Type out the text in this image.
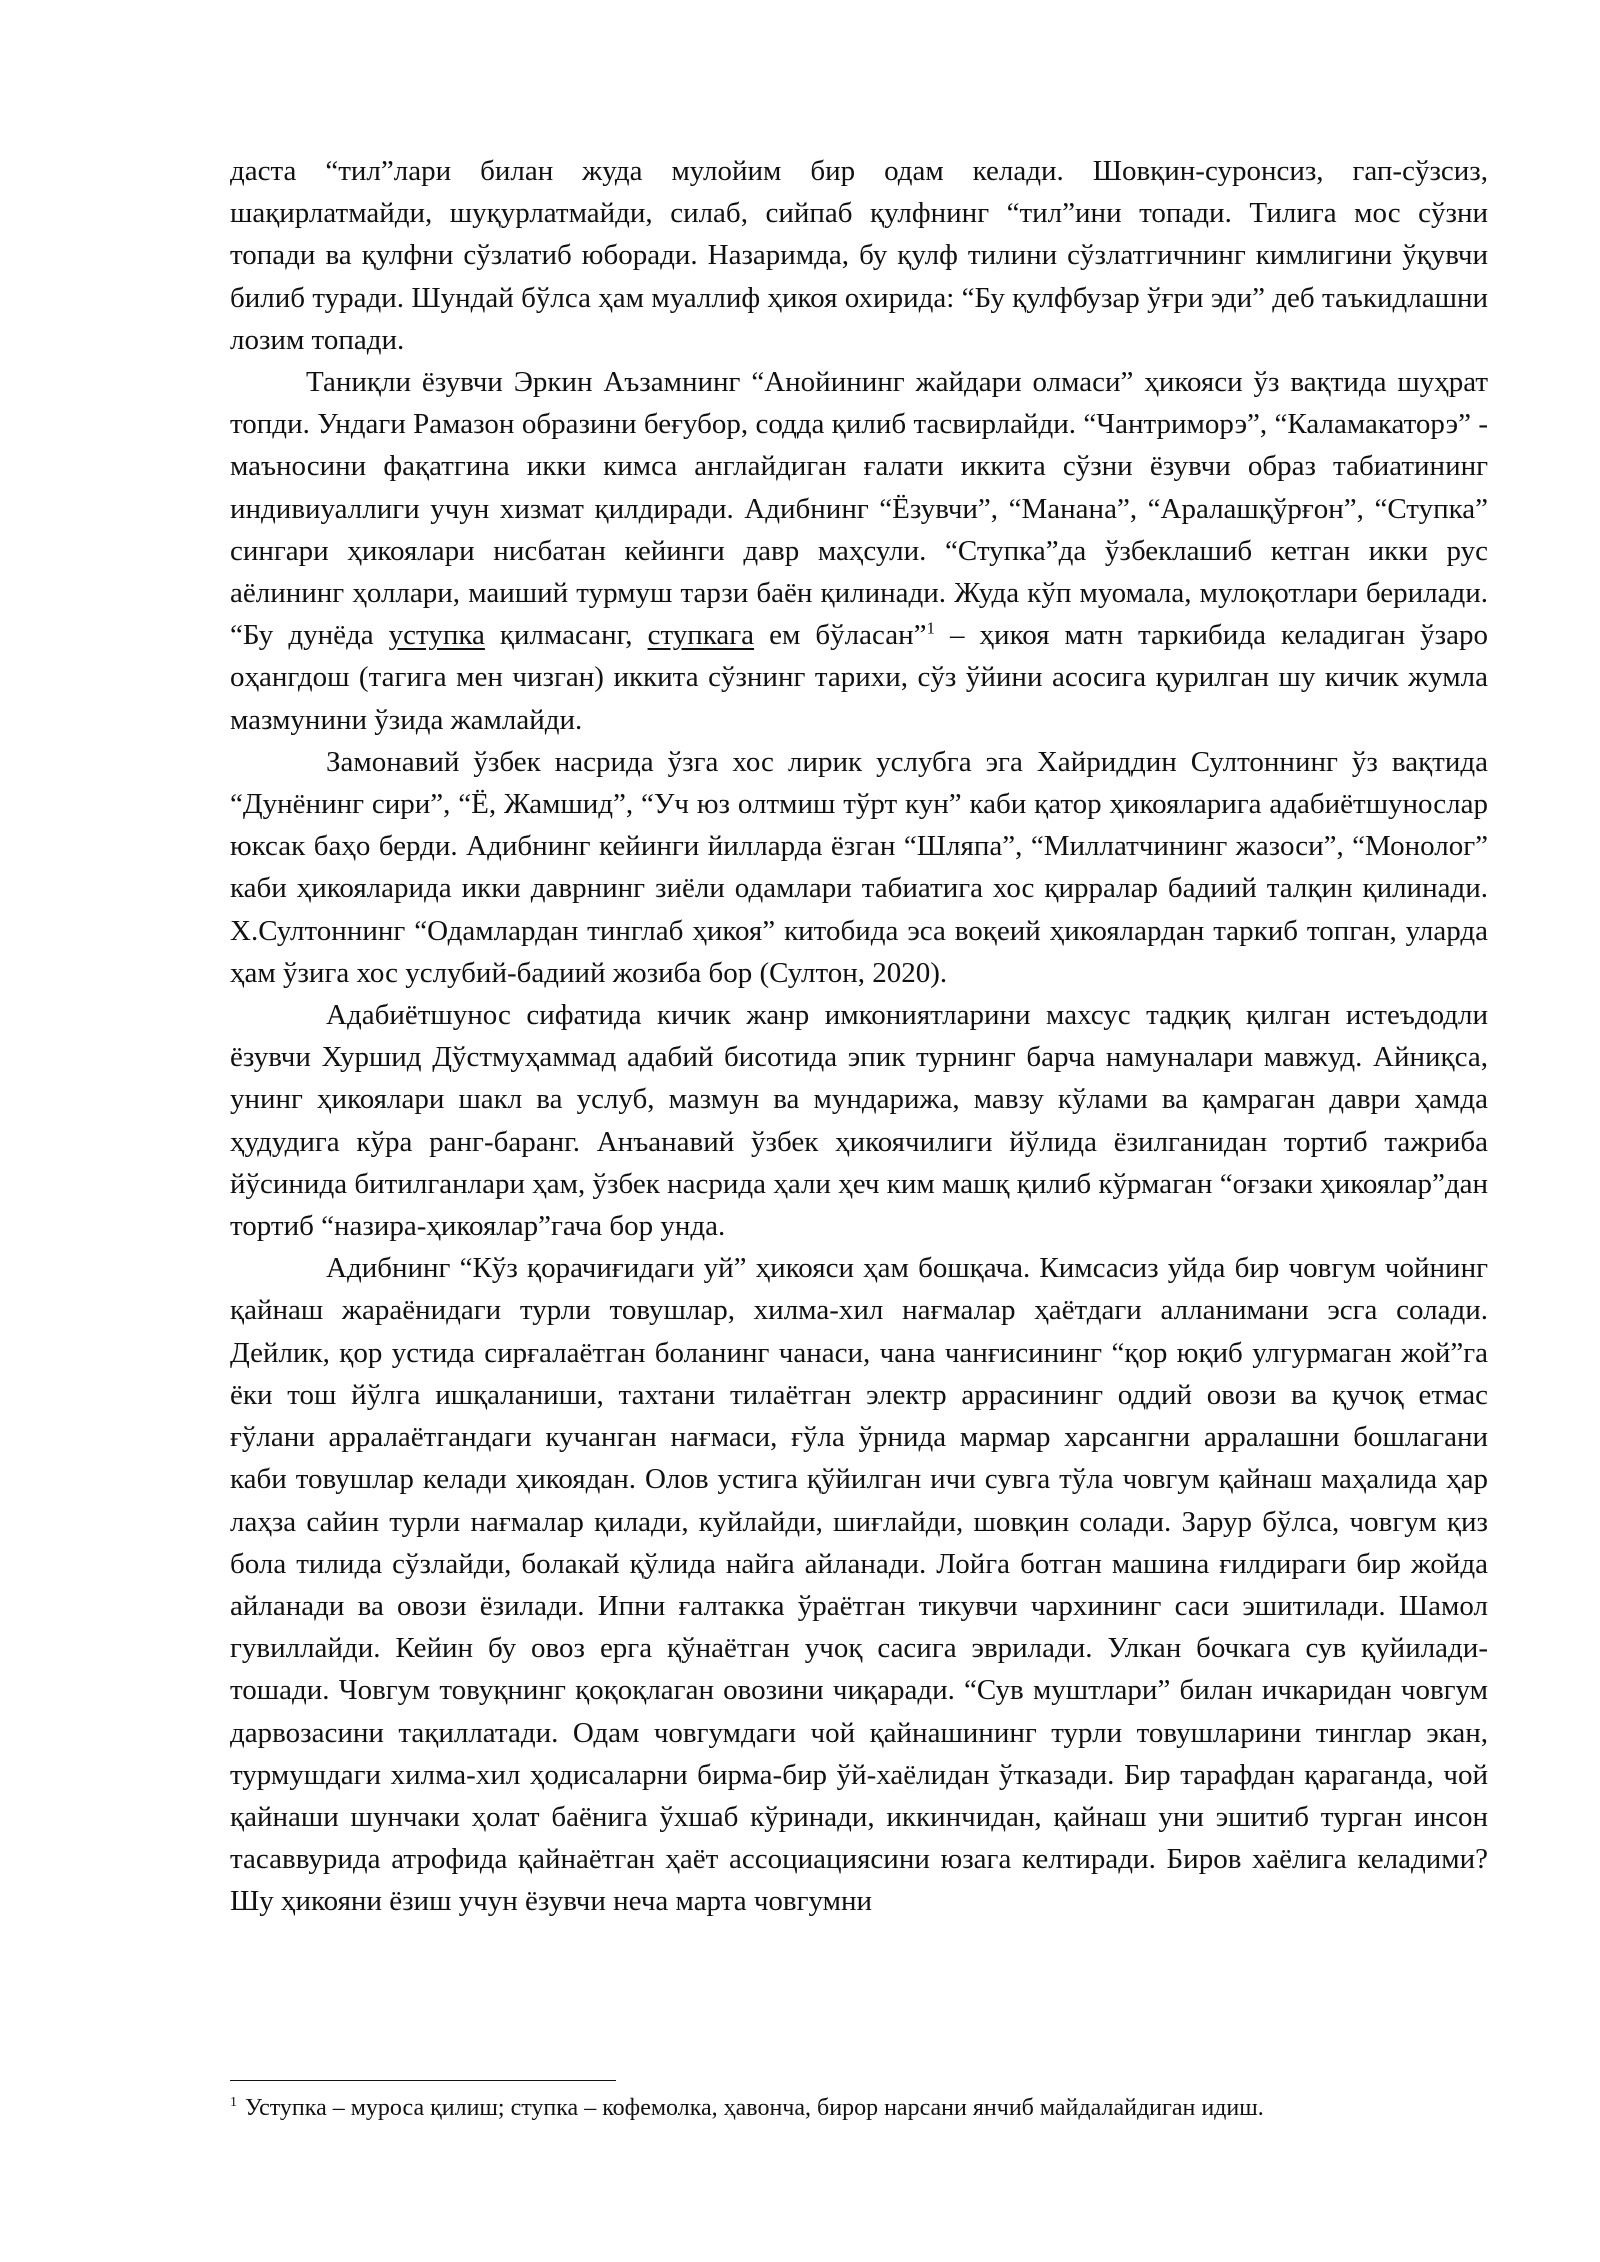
даста “тил”лари билан жуда мулойим бир одам келади. Шовқин-суронсиз, гап-сўзсиз, шақирлатмайди, шуқурлатмайди, силаб, сийпаб қулфнинг “тил”ини топади. Тилига мос сўзни топади ва қулфни сўзлатиб юборади. Назаримда, бу қулф тилини сўзлатгичнинг кимлигини ўқувчи билиб туради. Шундай бўлса ҳам муаллиф ҳикоя охирида: “Бу қулфбузар ўғри эди” деб таъкидлашни лозим топади.

Таниқли ёзувчи Эркин Аъзамнинг “Анойининг жайдари олмаси” ҳикояси ўз вақтида шуҳрат топди. Ундаги Рамазон образини беғубор, содда қилиб тасвирлайди. “Чантриморэ”, “Каламакаторэ” - маъносини фақатгина икки кимса англайдиган ғалати иккита сўзни ёзувчи образ табиатининг индивиуаллиги учун хизмат қилдиради. Адибнинг “Ёзувчи”, “Манана”, “Аралашқўрғон”, “Ступка” сингари ҳикоялари нисбатан кейинги давр маҳсули. “Ступка”да ўзбеклашиб кетган икки рус аёлининг ҳоллари, маиший турмуш тарзи баён қилинади. Жуда кўп муомала, мулоқотлари берилади. “Бу дунёда уступка қилмасанг, ступкага ем бўласан”$^1$ – ҳикоя матн таркибида келадиган ўзаро оҳангдош (тагига мен чизган) иккита сўзнинг тарихи, сўз ўйини асосига қурилган шу кичик жумла мазмунини ўзида жамлайди.

Замонавий ўзбек насрида ўзга хос лирик услубга эга Хайриддин Султоннинг ўз вақтида “Дунёнинг сири”, “Ё, Жамшид”, “Уч юз олтмиш тўрт кун” каби қатор ҳикояларига адабиётшунослар юксак баҳо берди. Адибнинг кейинги йилларда ёзган “Шляпа”, “Миллатчининг жазоси”, “Монолог” каби ҳикояларида икки даврнинг зиёли одамлари табиатига хос қирралар бадиий талқин қилинади. Х.Султоннинг “Одамлардан тинглаб ҳикоя” китобида эса воқеий ҳикоялардан таркиб топган, уларда ҳам ўзига хос услубий-бадиий жозиба бор (Султон, 2020).

Адабиётшунос сифатида кичик жанр имкониятларини махсус тадқиқ қилган истеъдодли ёзувчи Хуршид Дўстмуҳаммад адабий бисотида эпик турнинг барча намуналари мавжуд. Айниқса, унинг ҳикоялари шакл ва услуб, мазмун ва мундарижа, мавзу кўлами ва қамраган даври ҳамда ҳудудига кўра ранг-баранг. Анъанавий ўзбек ҳикоячилиги йўлида ёзилганидан тортиб тажриба йўсинида битилганлари ҳам, ўзбек насрида ҳали ҳеч ким машқ қилиб кўрмаган “оғзаки ҳикоялар”дан тортиб “назира-ҳикоялар”гача бор унда.

Адибнинг “Кўз қорачиғидаги уй” ҳикояси ҳам бошқача. Кимсасиз уйда бир човгум чойнинг қайнаш жараёнидаги турли товушлар, хилма-хил нағмалар ҳаётдаги алланимани эсга солади. Дейлик, қор устида сирғалаётган боланинг чанаси, чана чанғисининг “қор юқиб улгурмаган жой”га ёки тош йўлга ишқаланиши, тахтани тилаётган электр аррасининг оддий овози ва қучоқ етмас ғўлани арралаётгандаги кучанган нағмаси, ғўла ўрнида мармар харсангни арралашни бошлагани каби товушлар келади ҳикоядан. Олов устига қўйилган ичи сувга тўла човгум қайнаш маҳалида ҳар лаҳза сайин турли нағмалар қилади, куйлайди, шиғлайди, шовқин солади. Зарур бўлса, човгум қиз бола тилида сўзлайди, болакай қўлида найга айланади. Лойга ботган машина ғилдираги бир жойда айланади ва овози ёзилади. Ипни ғалтакка ўраётган тикувчи чархининг саси эшитилади. Шамол гувиллайди. Кейин бу овоз ерга қўнаётган учоқ сасига эврилади. Улкан бочкага сув қуйилади-тошади. Човгум товуқнинг қоқоқлаган овозини чиқаради. “Сув муштлари” билан ичкаридан човгум дарвозасини тақиллатади. Одам човгумдаги чой қайнашининг турли товушларини тинглар экан, турмушдаги хилма-хил ҳодисаларни бирма-бир ўй-хаёлидан ўтказади. Бир тарафдан қараганда, чой қайнаши шунчаки ҳолат баёнига ўхшаб кўринади, иккинчидан, қайнаш уни эшитиб турган инсон тасаввурида атрофида қайнаётган ҳаёт ассоциациясини юзага келтиради. Биров хаёлига келадими? Шу ҳикояни ёзиш учун ёзувчи неча марта човгумни

$^1$ Уступка – муроса қилиш; ступка – кофемолка, ҳавонча, бирор нарсани янчиб майдалайдиган идиш.
